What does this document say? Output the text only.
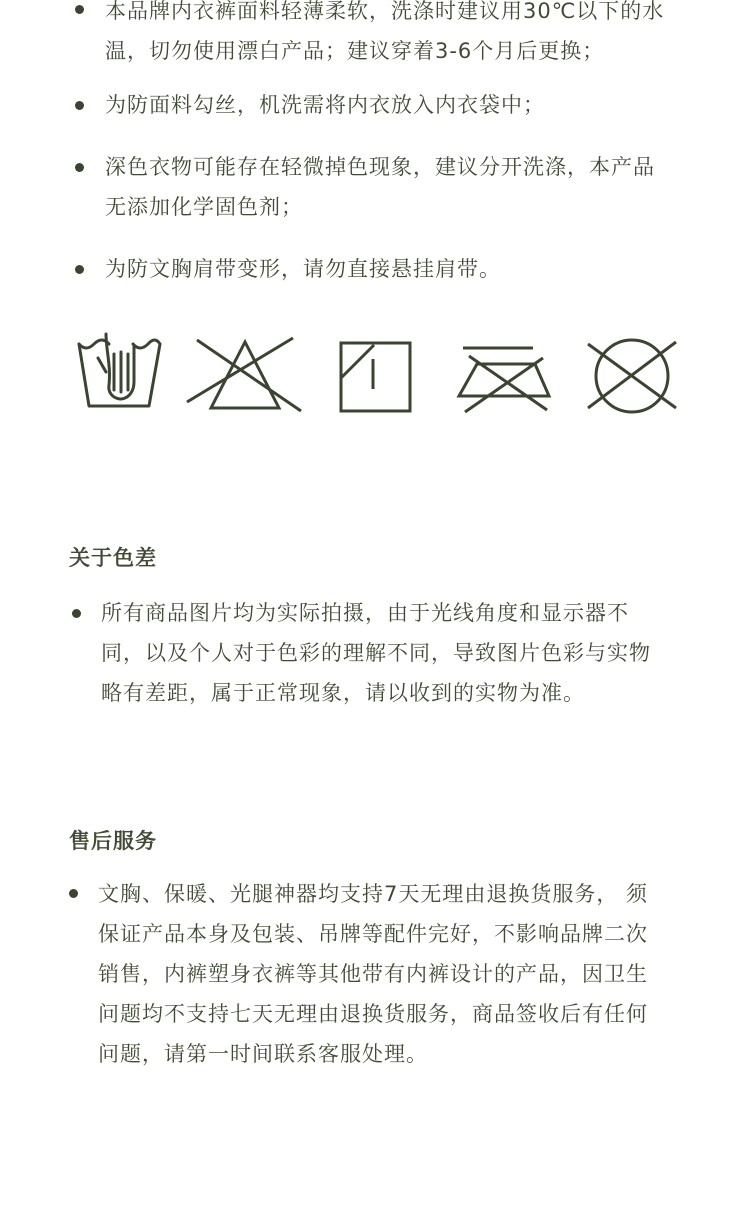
本品牌内衣裤面料轻薄柔软，洗涤时建议用30℃以下的水
温，切勿使用漂白产品；建议穿着3-6个月后更换；

为防面料勾丝，机洗需将内衣放入内衣袋中；

深色衣物可能存在轻微掉色现象，建议分开洗涤，本产品
无添加化学固色剂；

为防文胸肩带变形，请勿直接悬挂肩带。

关于色差

所有商品图片均为实际拍摄，由于光线角度和显示器不
同，以及个人对于色彩的理解不同，导致图片色彩与实物
略有差距，属于正常现象，请以收到的实物为准。

售后服务

文胸、保暖、光腿神器均支持7天无理由退换货服务， 须
保证产品本身及包装、吊牌等配件完好，不影响品牌二次
销售，内裤塑身衣裤等其他带有内裤设计的产品，因卫生
问题均不支持七天无理由退换货服务，商品签收后有任何
问题，请第一时间联系客服处理。
